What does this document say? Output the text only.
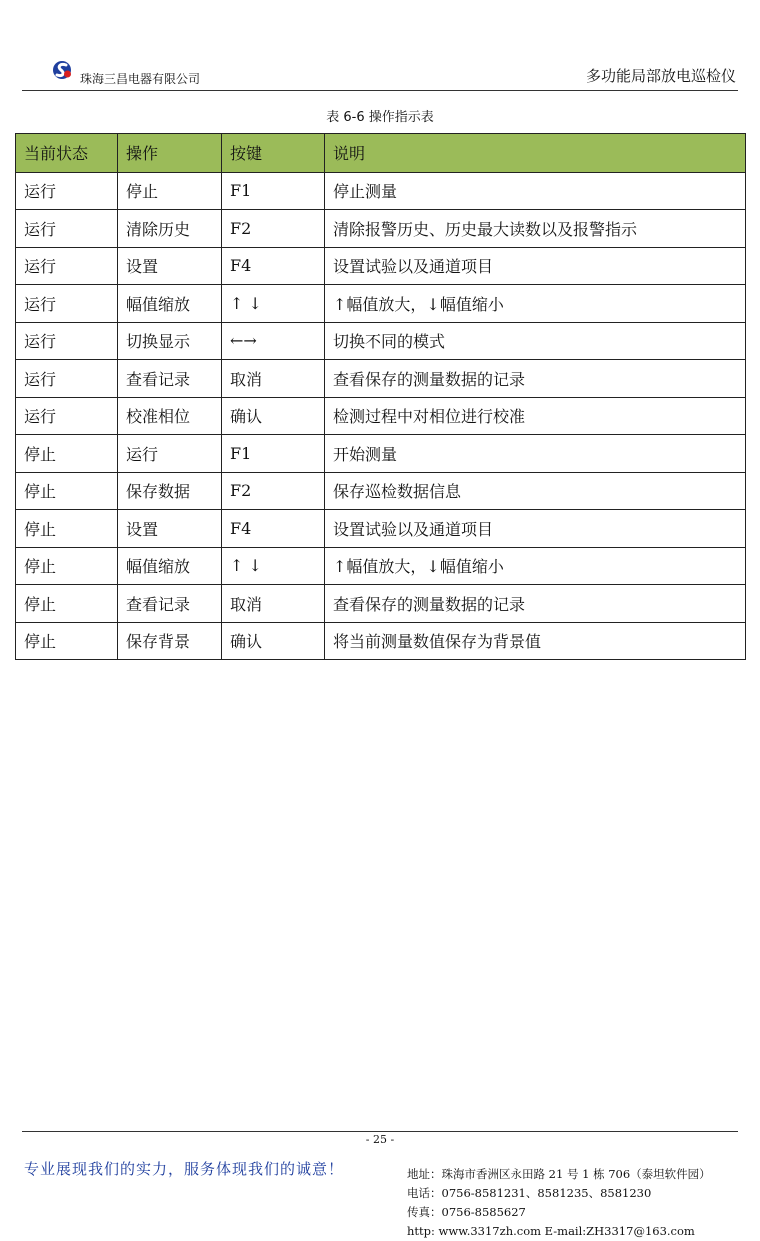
珠海三昌电器有限公司	多功能局部放电巡检仪
表 6-6 操作指示表
当前状态	操作	按键	说明
运行	停止	F1	停止测量
运行	清除历史	F2	清除报警历史、历史最大读数以及报警指示
运行	设置	F4	设置试验以及通道项目
运行	幅值缩放	↑ ↓	↑幅值放大，↓幅值缩小
运行	切换显示	←→	切换不同的模式
运行	查看记录	取消	查看保存的测量数据的记录
运行	校准相位	确认	检测过程中对相位进行校准
停止	运行	F1	开始测量
停止	保存数据	F2	保存巡检数据信息
停止	设置	F4	设置试验以及通道项目
停止	幅值缩放	↑ ↓	↑幅值放大，↓幅值缩小
停止	查看记录	取消	查看保存的测量数据的记录
停止	保存背景	确认	将当前测量数值保存为背景值
- 25 -
专业展现我们的实力，服务体现我们的诚意！	地址：珠海市香洲区永田路 21 号 1 栋 706（泰坦软件园）
电话：0756-8581231、8581235、8581230
传真：0756-8585627
http: www.3317zh.com E-mail:ZH3317@163.com
